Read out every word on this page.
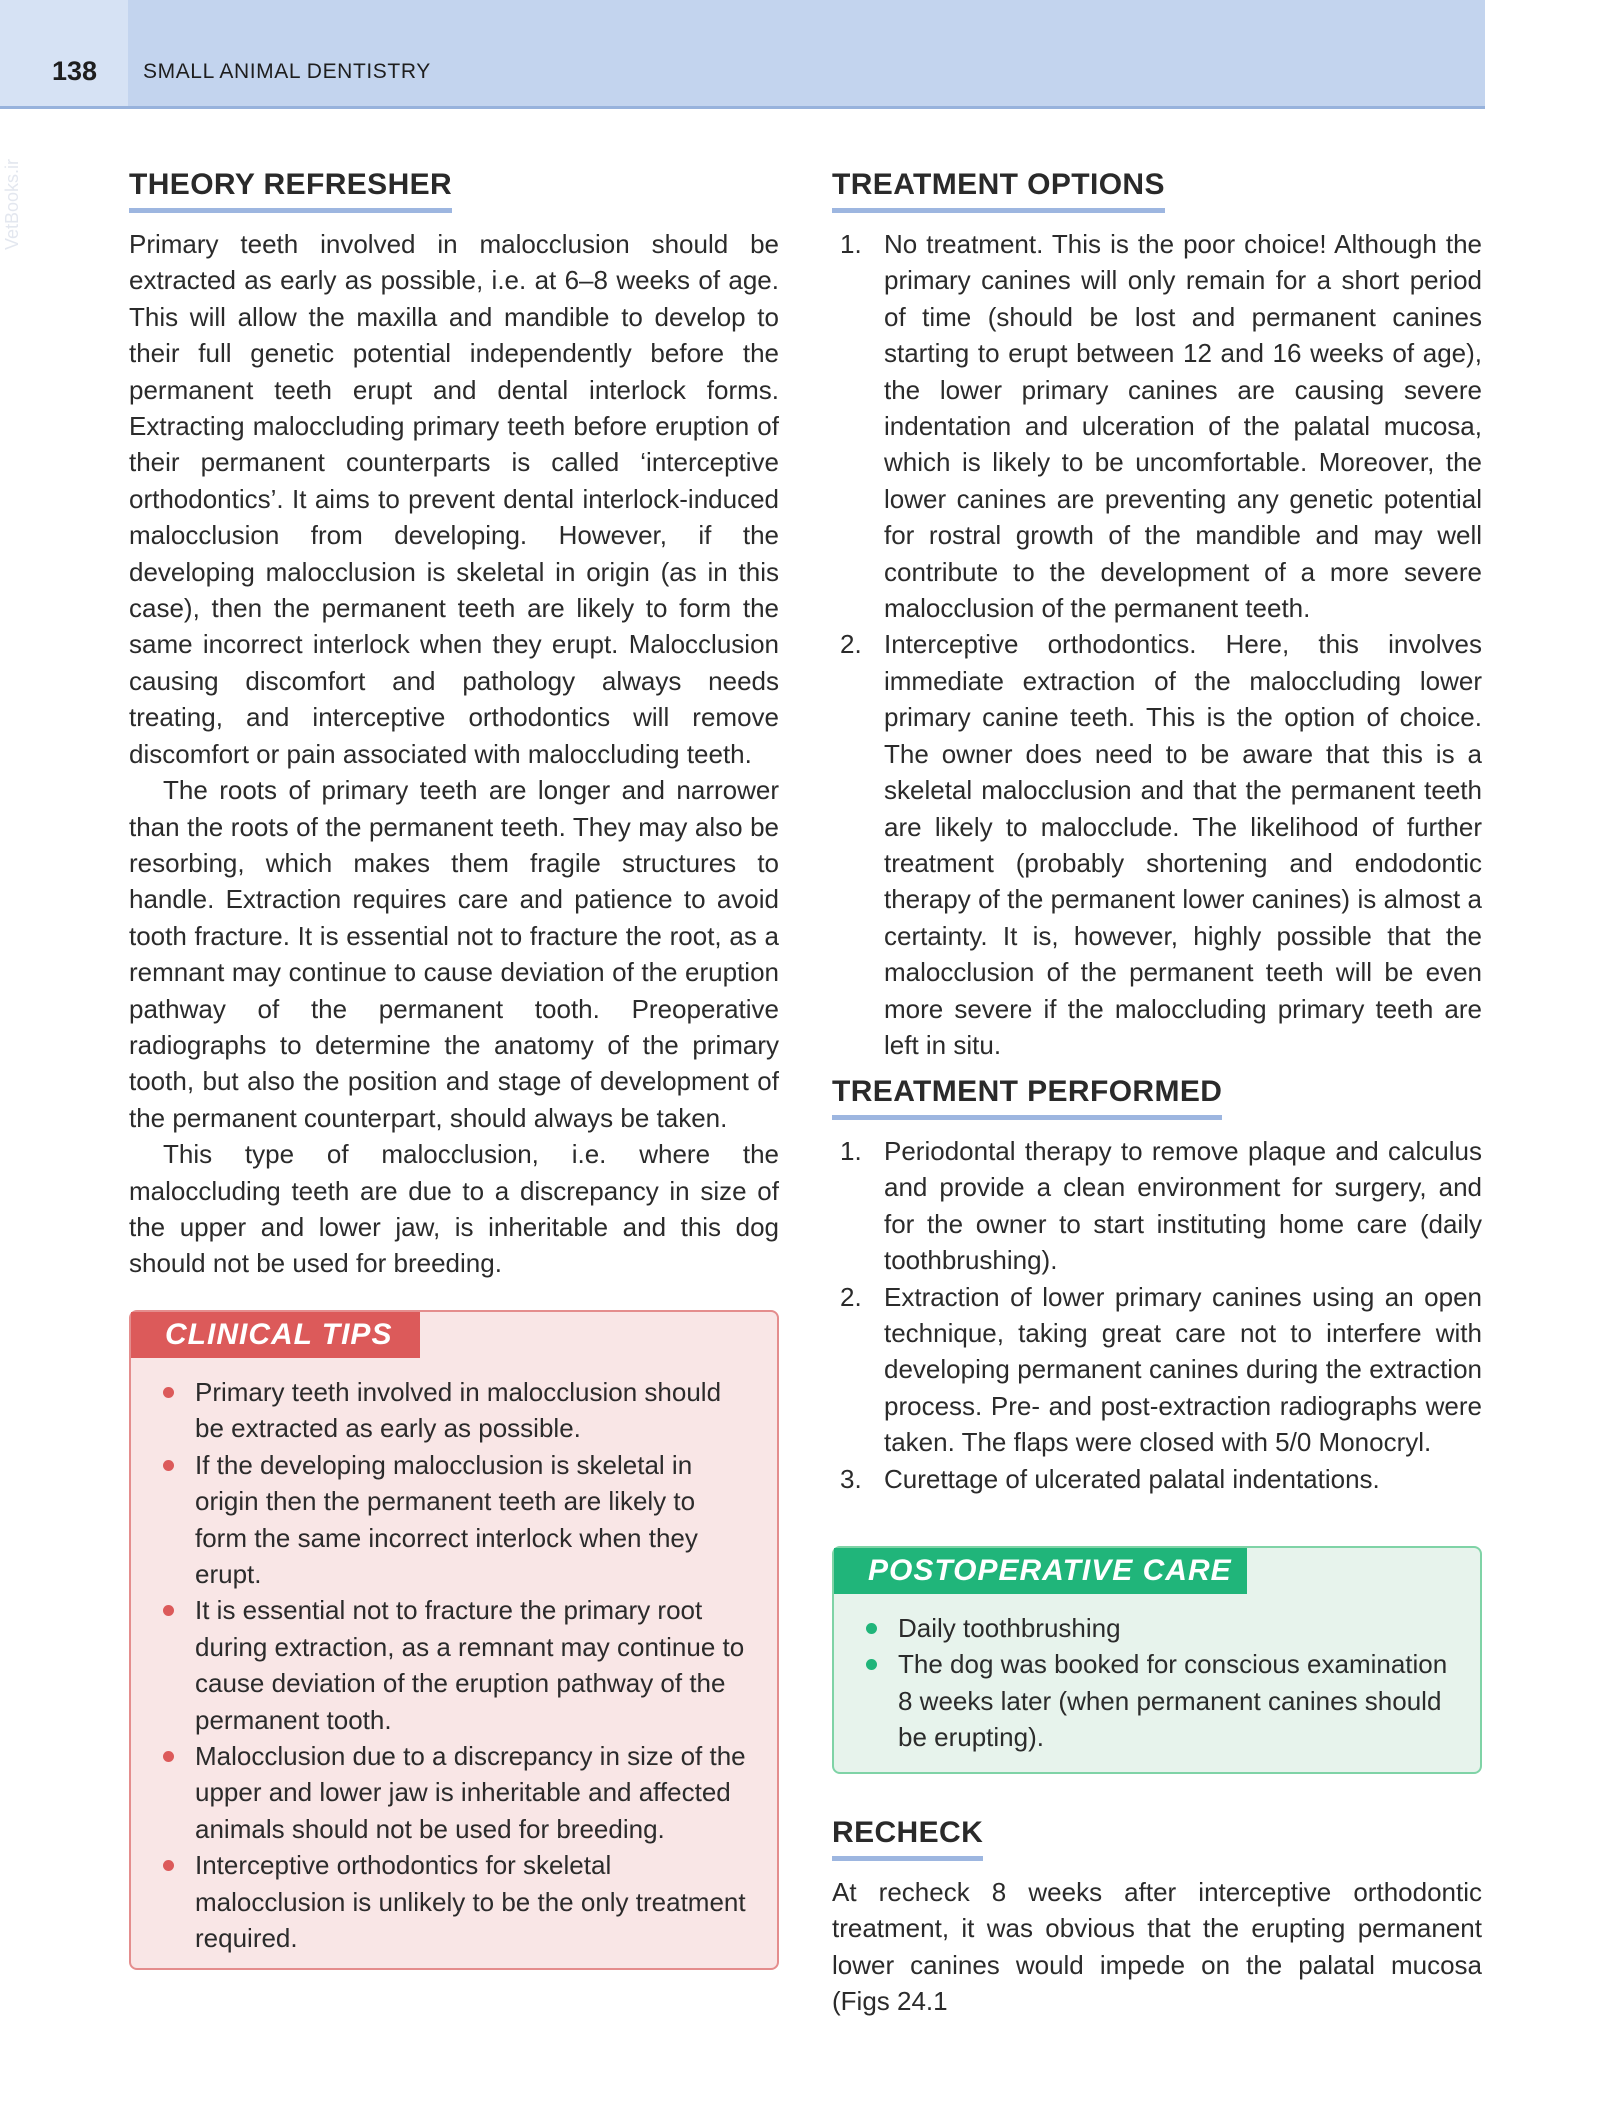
138 SMALL ANIMAL DENTISTRY
VetBooks.ir	THEORY REFRESHER

Primary teeth involved in malocclusion should be extracted as early as possible, i.e. at 6–8 weeks of age. This will allow the maxilla and mandible to develop to their full genetic potential independently before the permanent teeth erupt and dental interlock forms. Extracting maloccluding primary teeth before eruption of their permanent counterparts is called ‘interceptive orthodontics’. It aims to prevent dental interlock-induced malocclusion from developing. However, if the developing malocclusion is skeletal in origin (as in this case), then the permanent teeth are likely to form the same incorrect interlock when they erupt. Malocclusion causing discomfort and pathology always needs treating, and interceptive orthodontics will remove discomfort or pain associated with maloccluding teeth.

The roots of primary teeth are longer and narrower than the roots of the permanent teeth. They may also be resorbing, which makes them fragile structures to handle. Extraction requires care and patience to avoid tooth fracture. It is essential not to fracture the root, as a remnant may continue to cause deviation of the eruption pathway of the permanent tooth. Preoperative radiographs to determine the anatomy of the primary tooth, but also the position and stage of development of the permanent counterpart, should always be taken.

This type of malocclusion, i.e. where the maloccluding teeth are due to a discrepancy in size of the upper and lower jaw, is inheritable and this dog should not be used for breeding.

CLINICAL TIPS
Primary teeth involved in malocclusion should be extracted as early as possible.
If the developing malocclusion is skeletal in origin then the permanent teeth are likely to form the same incorrect interlock when they erupt.
It is essential not to fracture the primary root during extraction, as a remnant may continue to cause deviation of the eruption pathway of the permanent tooth.
Malocclusion due to a discrepancy in size of the upper and lower jaw is inheritable and affected animals should not be used for breeding.
Interceptive orthodontics for skeletal malocclusion is unlikely to be the only treatment required.
TREATMENT OPTIONS
1. No treatment. This is the poor choice! Although the primary canines will only remain for a short period of time (should be lost and permanent canines starting to erupt between 12 and 16 weeks of age), the lower primary canines are causing severe indentation and ulceration of the palatal mucosa, which is likely to be uncomfortable. Moreover, the lower canines are preventing any genetic potential for rostral growth of the mandible and may well contribute to the development of a more severe malocclusion of the permanent teeth.
2. Interceptive orthodontics. Here, this involves immediate extraction of the maloccluding lower primary canine teeth. This is the option of choice. The owner does need to be aware that this is a skeletal malocclusion and that the permanent teeth are likely to malocclude. The likelihood of further treatment (probably shortening and endodontic therapy of the permanent lower canines) is almost a certainty. It is, however, highly possible that the malocclusion of the permanent teeth will be even more severe if the maloccluding primary teeth are left in situ.
TREATMENT PERFORMED
1. Periodontal therapy to remove plaque and calculus and provide a clean environment for surgery, and for the owner to start instituting home care (daily toothbrushing).
2. Extraction of lower primary canines using an open technique, taking great care not to interfere with developing permanent canines during the extraction process. Pre- and post-extraction radiographs were taken. The flaps were closed with 5/0 Monocryl.
3. Curettage of ulcerated palatal indentations.
POSTOPERATIVE CARE
Daily toothbrushing
The dog was booked for conscious examination 8 weeks later (when permanent canines should be erupting).
RECHECK

At recheck 8 weeks after interceptive orthodontic treatment, it was obvious that the erupting permanent lower canines would impede on the palatal mucosa (Figs 24.1
